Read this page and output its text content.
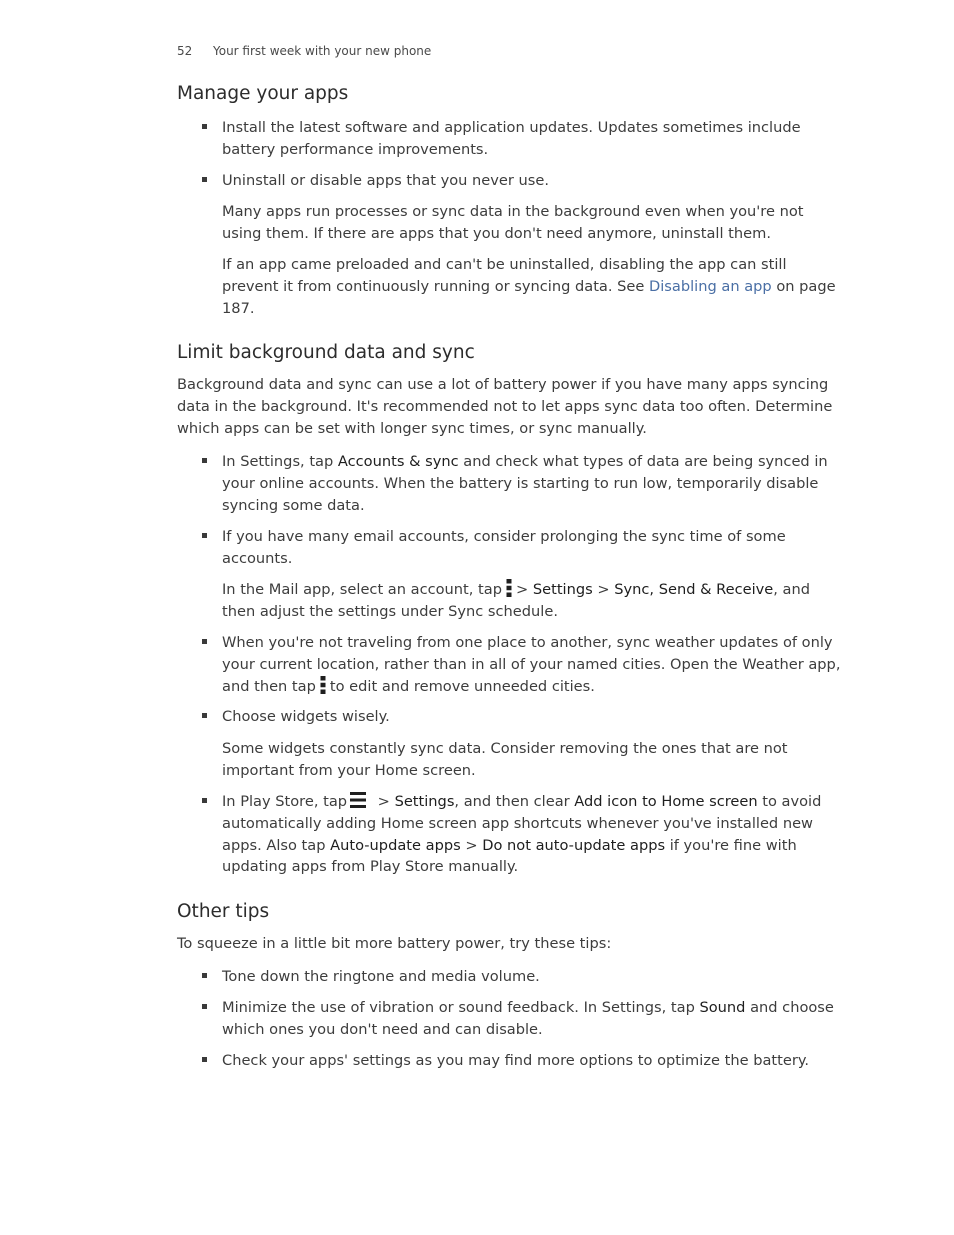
52 Your first week with your new phone
Manage your apps

Install the latest software and application updates. Updates sometimes include battery performance improvements.

Uninstall or disable apps that you never use.

Many apps run processes or sync data in the background even when you're not using them. If there are apps that you don't need anymore, uninstall them.

If an app came preloaded and can't be uninstalled, disabling the app can still prevent it from continuously running or syncing data. See Disabling an app on page 187.

Limit background data and sync

Background data and sync can use a lot of battery power if you have many apps syncing data in the background. It's recommended not to let apps sync data too often. Determine which apps can be set with longer sync times, or sync manually.

In Settings, tap Accounts & sync and check what types of data are being synced in your online accounts. When the battery is starting to run low, temporarily disable syncing some data.

If you have many email accounts, consider prolonging the sync time of some accounts.

In the Mail app, select an account, tap > Settings > Sync, Send & Receive, and then adjust the settings under Sync schedule.

When you're not traveling from one place to another, sync weather updates of only your current location, rather than in all of your named cities. Open the Weather app, and then tap to edit and remove unneeded cities.

Choose widgets wisely.

Some widgets constantly sync data. Consider removing the ones that are not important from your Home screen.

In Play Store, tap > Settings, and then clear Add icon to Home screen to avoid automatically adding Home screen app shortcuts whenever you've installed new apps. Also tap Auto-update apps > Do not auto-update apps if you're fine with updating apps from Play Store manually.

Other tips

To squeeze in a little bit more battery power, try these tips:

Tone down the ringtone and media volume.

Minimize the use of vibration or sound feedback. In Settings, tap Sound and choose which ones you don't need and can disable.

Check your apps' settings as you may find more options to optimize the battery.
